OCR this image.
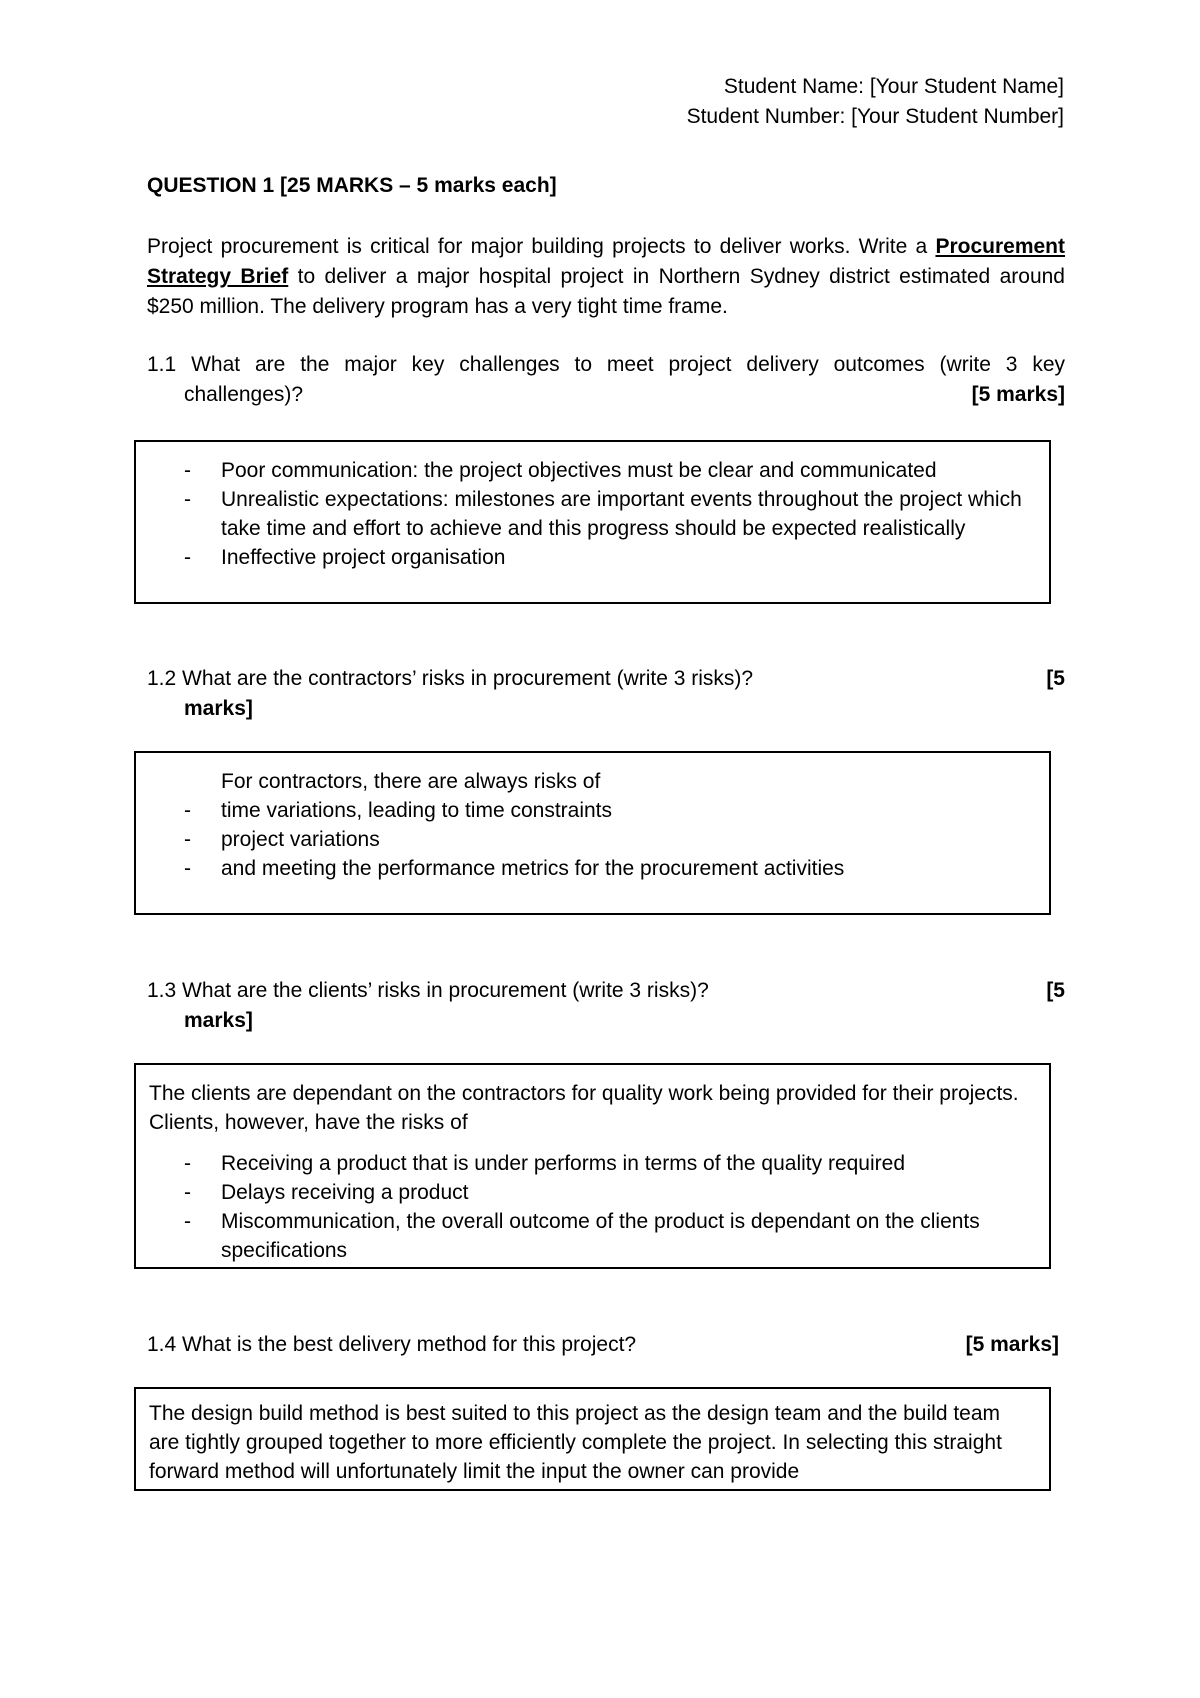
Student Name: [Your Student Name]
Student Number: [Your Student Number]
QUESTION 1 [25 MARKS – 5 marks each]
Project procurement is critical for major building projects to deliver works. Write a Procurement Strategy Brief to deliver a major hospital project in Northern Sydney district estimated around $250 million. The delivery program has a very tight time frame.
1.1 What are the major key challenges to meet project delivery outcomes (write 3 key
challenges)?	[5 marks]
- Poor communication: the project objectives must be clear and communicated
- Unrealistic expectations: milestones are important events throughout the project which take time and effort to achieve and this progress should be expected realistically
- Ineffective project organisation
1.2 What are the contractors’ risks in procurement (write 3 risks)?	[5
marks]
For contractors, there are always risks of
- time variations, leading to time constraints
- project variations
- and meeting the performance metrics for the procurement activities
1.3 What are the clients’ risks in procurement (write 3 risks)?	[5
marks]
The clients are dependant on the contractors for quality work being provided for their projects. Clients, however, have the risks of
- Receiving a product that is under performs in terms of the quality required
- Delays receiving a product
- Miscommunication, the overall outcome of the product is dependant on the clients specifications
1.4 What is the best delivery method for this project?	[5 marks]
The design build method is best suited to this project as the design team and the build team are tightly grouped together to more efficiently complete the project. In selecting this straight forward method will unfortunately limit the input the owner can provide
